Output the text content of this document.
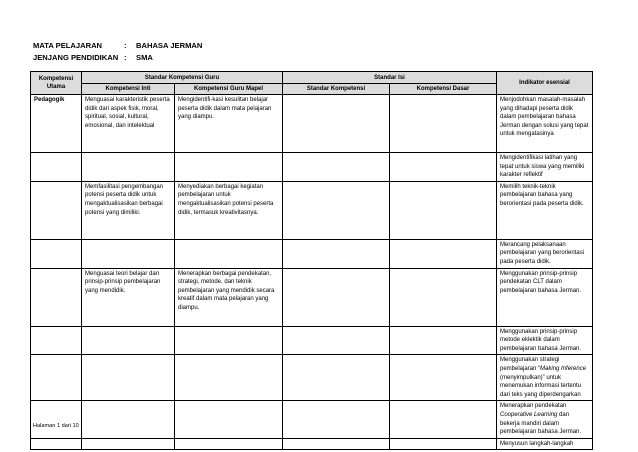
MATA PELAJARAN	:	BAHASA JERMAN
JENJANG PENDIDIKAN :	SMA
Kompetensi Utama	Standar Kompetensi Guru		Standar Isi		Indikator esensial
	Kompetensi Inti	Kompetensi Guru Mapel	Standar Kompetensi	Kompetensi Dasar	
Pedagogik	Menguasai karakteristik peserta didik dari aspek fisik, moral, spiritual, sosial, kultural, emosional, dan intelektual	Mengidentifi-kasi kesulitan belajar peserta didik dalam mata pelajaran yang diampu.			Menjodohkan masalah-masalah yang dihadapi peserta didik dalam pembelajaran bahasa Jerman dengan solusi yang tepat untuk mengatasinya
					Mengidentifikasi latihan yang tepat untuk siswa yang memiliki karakter reflektif
	Memfasilitasi pengembangan potensi peserta didik untuk mengaktualisasikan berbagai potensi yang dimiliki.	Menyediakan berbagai kegiatan pembelajaran untuk mengaktualisasikan potensi peserta didik, termasuk kreativitasnya.			Memilih teknik-teknik pembelajaran bahasa yang berorientasi pada peserta didik.
					Merancang pelaksanaan pembelajaran yang berorientasi pada peserta didik.
	Menguasai teori belajar dan prinsip-prinsip pembelajaran yang mendidik.	Menerapkan berbagai pendekatan, strategi, metode, dan teknik pembelajaran yang mendidik secara kreatif dalam mata pelajaran yang diampu.			Menggunakan prinsip-prinsip pendekatan CLT dalam pembelajaran bahasa Jerman.
					Menggunakan prinsip-prinsip metode eklektik dalam pembelajaran bahasa Jerman.
					Menggunakan strategi pembelajaran “Making Inference (menyimpulkan)” untuk menemukan informasi tertentu dari teks yang diperdengarkan
					Menerapkan pendekatan Cooperative Learning dan bekerja mandiri dalam pembelajaran bahasa Jerman.
					Menyusun langkah-langkah
Halaman 1 dari 10
